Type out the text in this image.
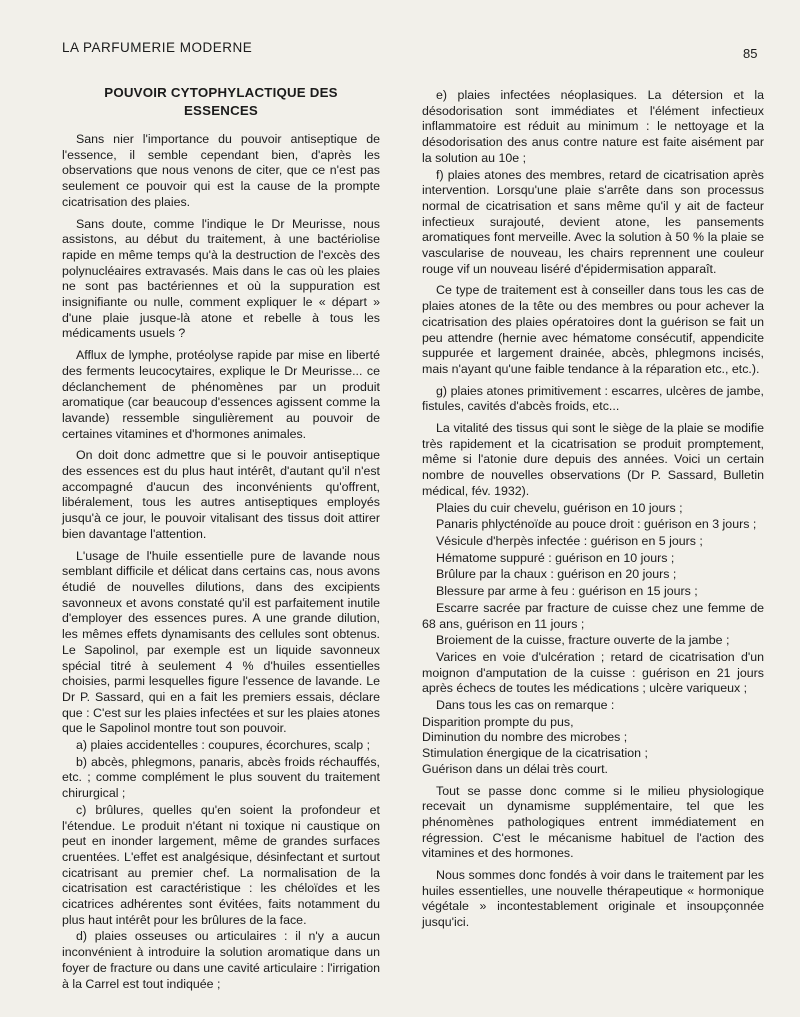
LA PARFUMERIE MODERNE	85
POUVOIR CYTOPHYLACTIQUE DES
ESSENCES

Sans nier l'importance du pouvoir antiseptique de l'essence, il semble cependant bien, d'après les observations que nous venons de citer, que ce n'est pas seulement ce pouvoir qui est la cause de la prompte cicatrisation des plaies.

Sans doute, comme l'indique le Dr Meurisse, nous assistons, au début du traitement, à une bactériolise rapide en même temps qu'à la destruction de l'excès des polynucléaires extravasés. Mais dans le cas où les plaies ne sont pas bactériennes et où la suppuration est insignifiante ou nulle, comment expliquer le « départ » d'une plaie jusque-là atone et rebelle à tous les médicaments usuels ?

Afflux de lymphe, protéolyse rapide par mise en liberté des ferments leucocytaires, explique le Dr Meurisse... ce déclanchement de phénomènes par un produit aromatique (car beaucoup d'essences agissent comme la lavande) ressemble singulièrement au pouvoir de certaines vitamines et d'hormones animales.

On doit donc admettre que si le pouvoir antiseptique des essences est du plus haut intérêt, d'autant qu'il n'est accompagné d'aucun des inconvénients qu'offrent, libéralement, tous les autres antiseptiques employés jusqu'à ce jour, le pouvoir vitalisant des tissus doit attirer bien davantage l'attention.

L'usage de l'huile essentielle pure de lavande nous semblant difficile et délicat dans certains cas, nous avons étudié de nouvelles dilutions, dans des excipients savonneux et avons constaté qu'il est parfaitement inutile d'employer des essences pures. A une grande dilution, les mêmes effets dynamisants des cellules sont obtenus. Le Sapolinol, par exemple est un liquide savonneux spécial titré à seulement 4 % d'huiles essentielles choisies, parmi lesquelles figure l'essence de lavande. Le Dr P. Sassard, qui en a fait les premiers essais, déclare que : C'est sur les plaies infectées et sur les plaies atones que le Sapolinol montre tout son pouvoir.

a) plaies accidentelles : coupures, écorchures, scalp ;

b) abcès, phlegmons, panaris, abcès froids réchauffés, etc. ; comme complément le plus souvent du traitement chirurgical ;

c) brûlures, quelles qu'en soient la profondeur et l'étendue. Le produit n'étant ni toxique ni caustique on peut en inonder largement, même de grandes surfaces cruentées. L'effet est analgésique, désinfectant et surtout cicatrisant au premier chef. La normalisation de la cicatrisation est caractéristique : les chéloïdes et les cicatrices adhérentes sont évitées, faits notamment du plus haut intérêt pour les brûlures de la face.

d) plaies osseuses ou articulaires : il n'y a aucun inconvénient à introduire la solution aromatique dans un foyer de fracture ou dans une cavité articulaire : l'irrigation à la Carrel est tout indiquée ;

e) plaies infectées néoplasiques. La détersion et la désodorisation sont immédiates et l'élément infectieux inflammatoire est réduit au minimum : le nettoyage et la désodorisation des anus contre nature est faite aisément par la solution au 10e ;

f) plaies atones des membres, retard de cicatrisation après intervention. Lorsqu'une plaie s'arrête dans son processus normal de cicatrisation et sans même qu'il y ait de facteur infectieux surajouté, devient atone, les pansements aromatiques font merveille. Avec la solution à 50 % la plaie se vascularise de nouveau, les chairs reprennent une couleur rouge vif un nouveau liséré d'épidermisation apparaît.

Ce type de traitement est à conseiller dans tous les cas de plaies atones de la tête ou des membres ou pour achever la cicatrisation des plaies opératoires dont la guérison se fait un peu attendre (hernie avec hématome consécutif, appendicite suppurée et largement drainée, abcès, phlegmons incisés, mais n'ayant qu'une faible tendance à la réparation etc., etc.).

g) plaies atones primitivement : escarres, ulcères de jambe, fistules, cavités d'abcès froids, etc...

La vitalité des tissus qui sont le siège de la plaie se modifie très rapidement et la cicatrisation se produit promptement, même si l'atonie dure depuis des années. Voici un certain nombre de nouvelles observations (Dr P. Sassard, Bulletin médical, fév. 1932).

Plaies du cuir chevelu, guérison en 10 jours ;

Panaris phlycténoïde au pouce droit : guérison en 3 jours ;

Vésicule d'herpès infectée : guérison en 5 jours ;

Hématome suppuré : guérison en 10 jours ;

Brûlure par la chaux : guérison en 20 jours ;

Blessure par arme à feu : guérison en 15 jours ;

Escarre sacrée par fracture de cuisse chez une femme de 68 ans, guérison en 11 jours ;

Broiement de la cuisse, fracture ouverte de la jambe ;

Varices en voie d'ulcération ; retard de cicatrisation d'un moignon d'amputation de la cuisse : guérison en 21 jours après échecs de toutes les médications ; ulcère variqueux ;

Dans tous les cas on remarque :

Disparition prompte du pus,

Diminution du nombre des microbes ;

Stimulation énergique de la cicatrisation ;

Guérison dans un délai très court.

Tout se passe donc comme si le milieu physiologique recevait un dynamisme supplémentaire, tel que les phénomènes pathologiques entrent immédiatement en régression. C'est le mécanisme habituel de l'action des vitamines et des hormones.

Nous sommes donc fondés à voir dans le traitement par les huiles essentielles, une nouvelle thérapeutique « hormonique végétale » incontestablement originale et insoupçonnée jusqu'ici.
